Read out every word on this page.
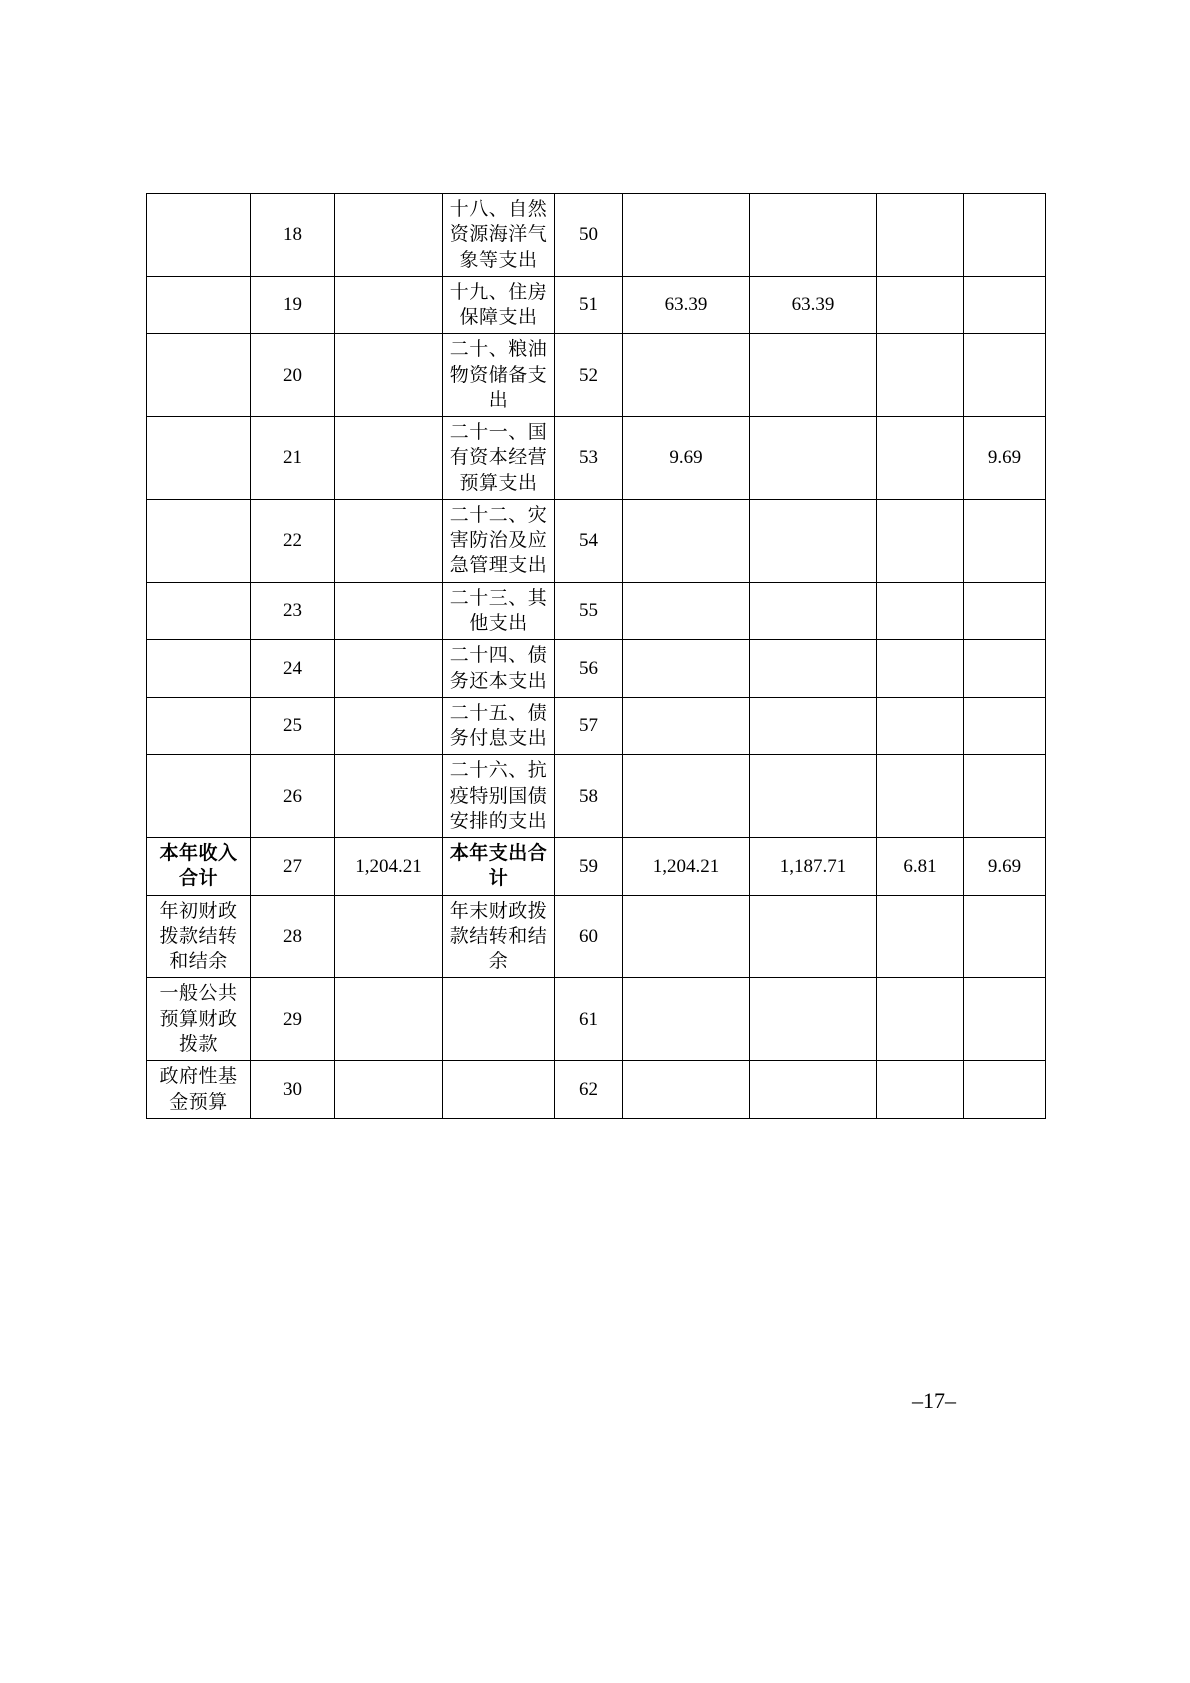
	18		十八、自然资源海洋气象等支出	50				
	19		十九、住房保障支出	51	63.39	63.39		
	20		二十、粮油物资储备支出	52				
	21		二十一、国有资本经营预算支出	53	9.69			9.69
	22		二十二、灾害防治及应急管理支出	54				
	23		二十三、其他支出	55				
	24		二十四、债务还本支出	56				
	25		二十五、债务付息支出	57				
	26		二十六、抗疫特别国债安排的支出	58				
本年收入合计	27	1,204.21	本年支出合计	59	1,204.21	1,187.71	6.81	9.69
年初财政拨款结转和结余	28		年末财政拨款结转和结余	60				
一般公共预算财政拨款	29			61				
政府性基金预算	30			62				
–17–
